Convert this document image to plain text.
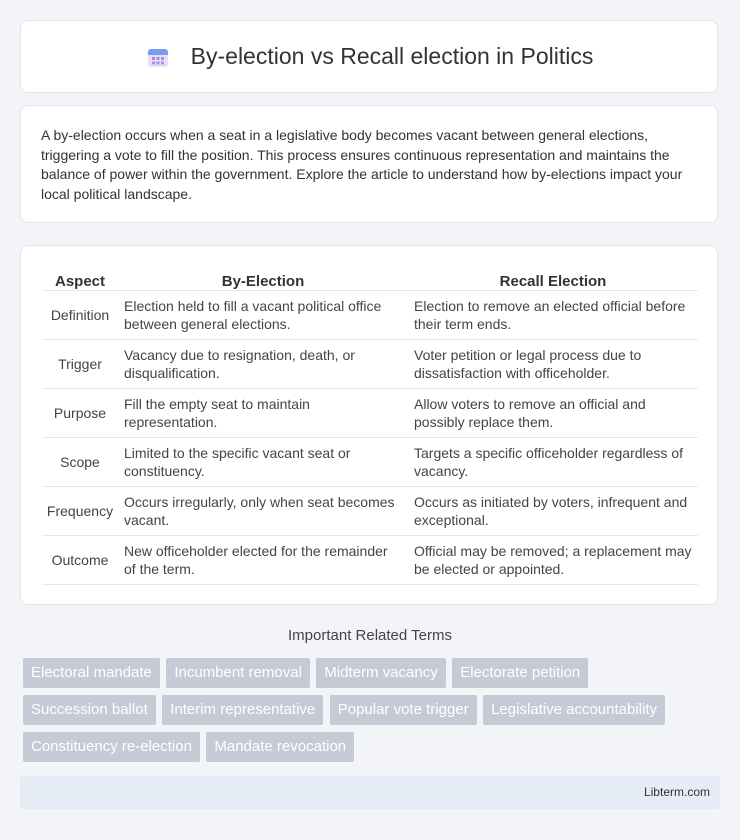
By-election vs Recall election in Politics

A by-election occurs when a seat in a legislative body becomes vacant between general elections, triggering a vote to fill the position. This process ensures continuous representation and maintains the balance of power within the government. Explore the article to understand how by-elections impact your local political landscape.

Aspect	By-Election	Recall Election
Definition	Election held to fill a vacant political office between general elections.	Election to remove an elected official before their term ends.
Trigger	Vacancy due to resignation, death, or disqualification.	Voter petition or legal process due to dissatisfaction with officeholder.
Purpose	Fill the empty seat to maintain representation.	Allow voters to remove an official and possibly replace them.
Scope	Limited to the specific vacant seat or constituency.	Targets a specific officeholder regardless of vacancy.
Frequency	Occurs irregularly, only when seat becomes vacant.	Occurs as initiated by voters, infrequent and exceptional.
Outcome	New officeholder elected for the remainder of the term.	Official may be removed; a replacement may be elected or appointed.
Important Related Terms
Electoral mandate Incumbent removal Midterm vacancy Electorate petition Succession ballot Interim representative Popular vote trigger Legislative accountability Constituency re-election Mandate revocation
Libterm.com
